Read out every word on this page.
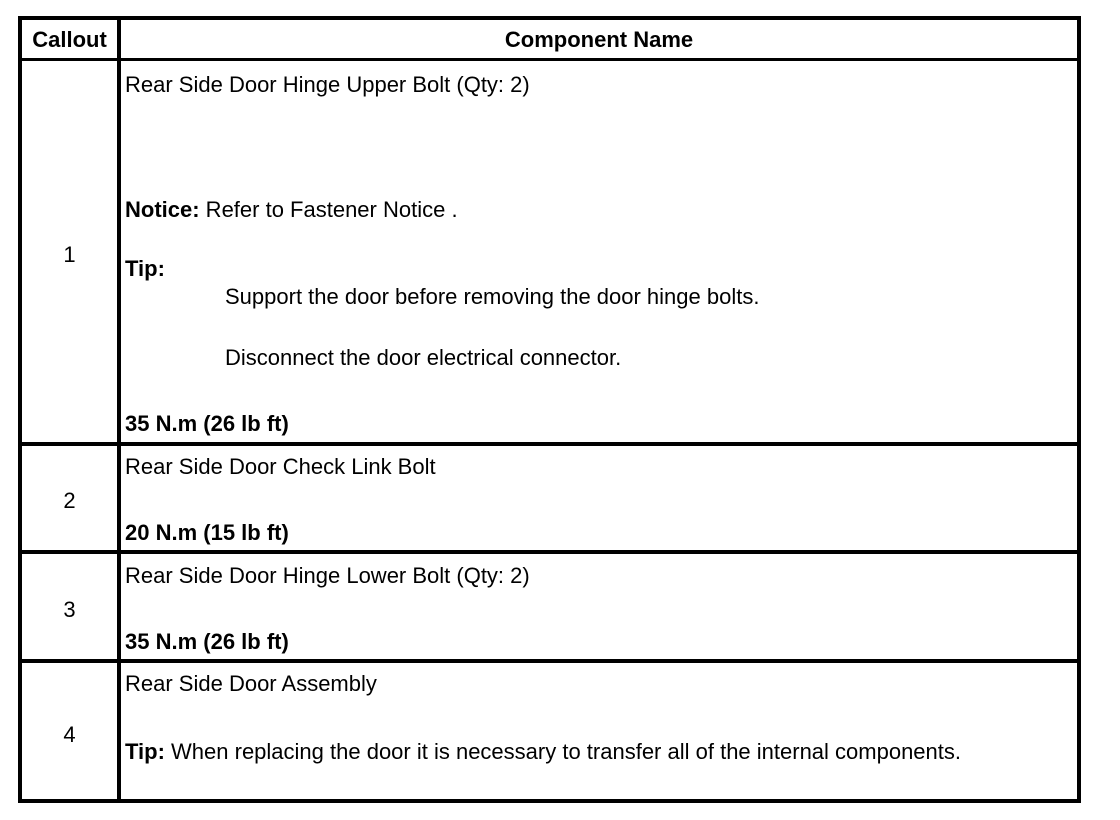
Callout	Component Name
1
Rear Side Door Hinge Upper Bolt (Qty: 2)
Notice: Refer to Fastener Notice .
Tip:
Support the door before removing the door hinge bolts.
Disconnect the door electrical connector.
35 N.m (26 lb ft)
2
Rear Side Door Check Link Bolt
20 N.m (15 lb ft)
3
Rear Side Door Hinge Lower Bolt (Qty: 2)
35 N.m (26 lb ft)
4
Rear Side Door Assembly
Tip: When replacing the door it is necessary to transfer all of the internal components.
